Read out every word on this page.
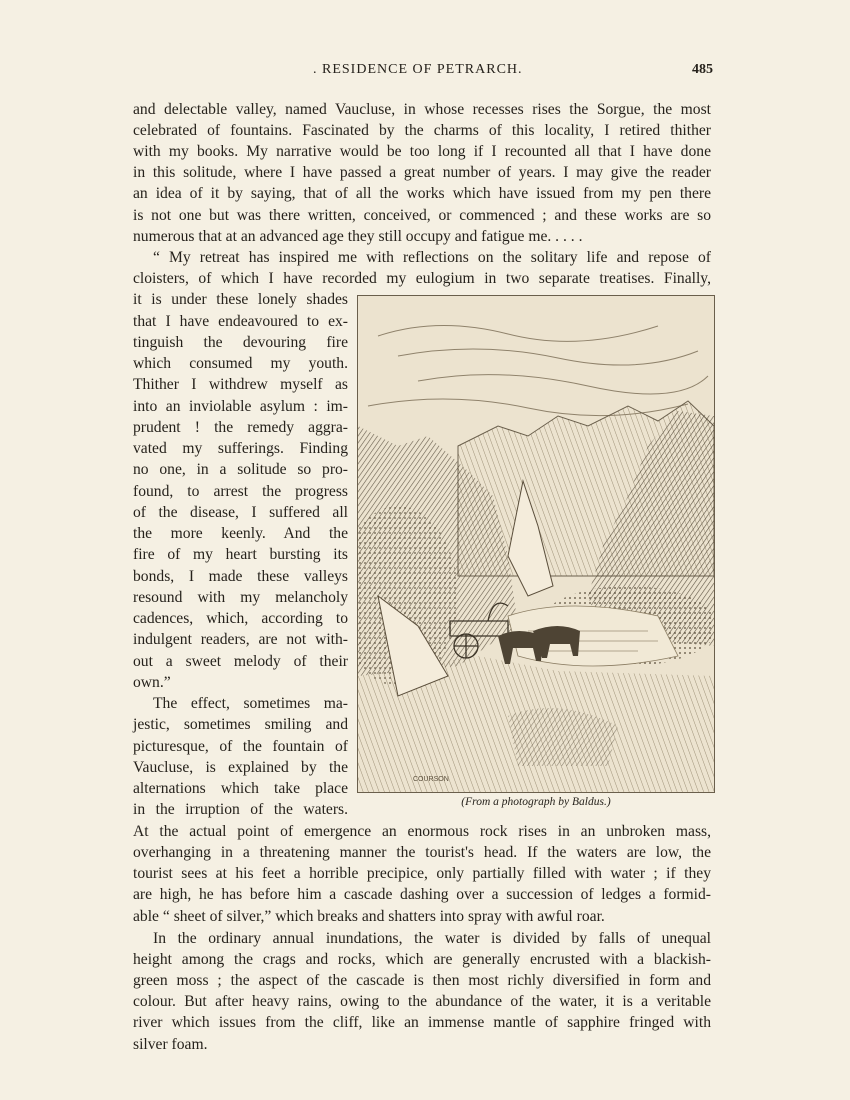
. RESIDENCE OF PETRARCH.	485
and delectable valley, named Vaucluse, in whose recesses rises the Sorgue, the most
celebrated of fountains. Fascinated by the charms of this locality, I retired thither
with my books. My narrative would be too long if I recounted all that I have done
in this solitude, where I have passed a great number of years. I may give the reader
an idea of it by saying, that of all the works which have issued from my pen there
is not one but was there written, conceived, or commenced ; and these works are so
numerous that at an advanced age they still occupy and fatigue me. . . . .
“ My retreat has inspired me with reflections on the solitary life and repose of
cloisters, of which I have recorded my eulogium in two separate treatises. Finally,
it is under these lonely shades
that I have endeavoured to ex-
tinguish the devouring fire
which consumed my youth.
Thither I withdrew myself as
into an inviolable asylum : im-
prudent ! the remedy aggra-
vated my sufferings. Finding
no one, in a solitude so pro-
found, to arrest the progress
of the disease, I suffered all
the more keenly. And the
fire of my heart bursting its
bonds, I made these valleys
resound with my melancholy
cadences, which, according to
indulgent readers, are not with-
out a sweet melody of their
own.”
The effect, sometimes ma-
jestic, sometimes smiling and
picturesque, of the fountain of
Vaucluse, is explained by the
alternations which take place
in the irruption of the waters.
At the actual point of emergence an enormous rock rises in an unbroken mass,
overhanging in a threatening manner the tourist's head. If the waters are low, the
tourist sees at his feet a horrible precipice, only partially filled with water ; if they
are high, he has before him a cascade dashing over a succession of ledges a formid-
able “ sheet of silver,” which breaks and shatters into spray with awful roar.
In the ordinary annual inundations, the water is divided by falls of unequal
height among the crags and rocks, which are generally encrusted with a blackish-
green moss ; the aspect of the cascade is then most richly diversified in form and
colour. But after heavy rains, owing to the abundance of the water, it is a veritable
river which issues from the cliff, like an immense mantle of sapphire fringed with
silver foam.
COURSON
(From a photograph by Baldus.)
